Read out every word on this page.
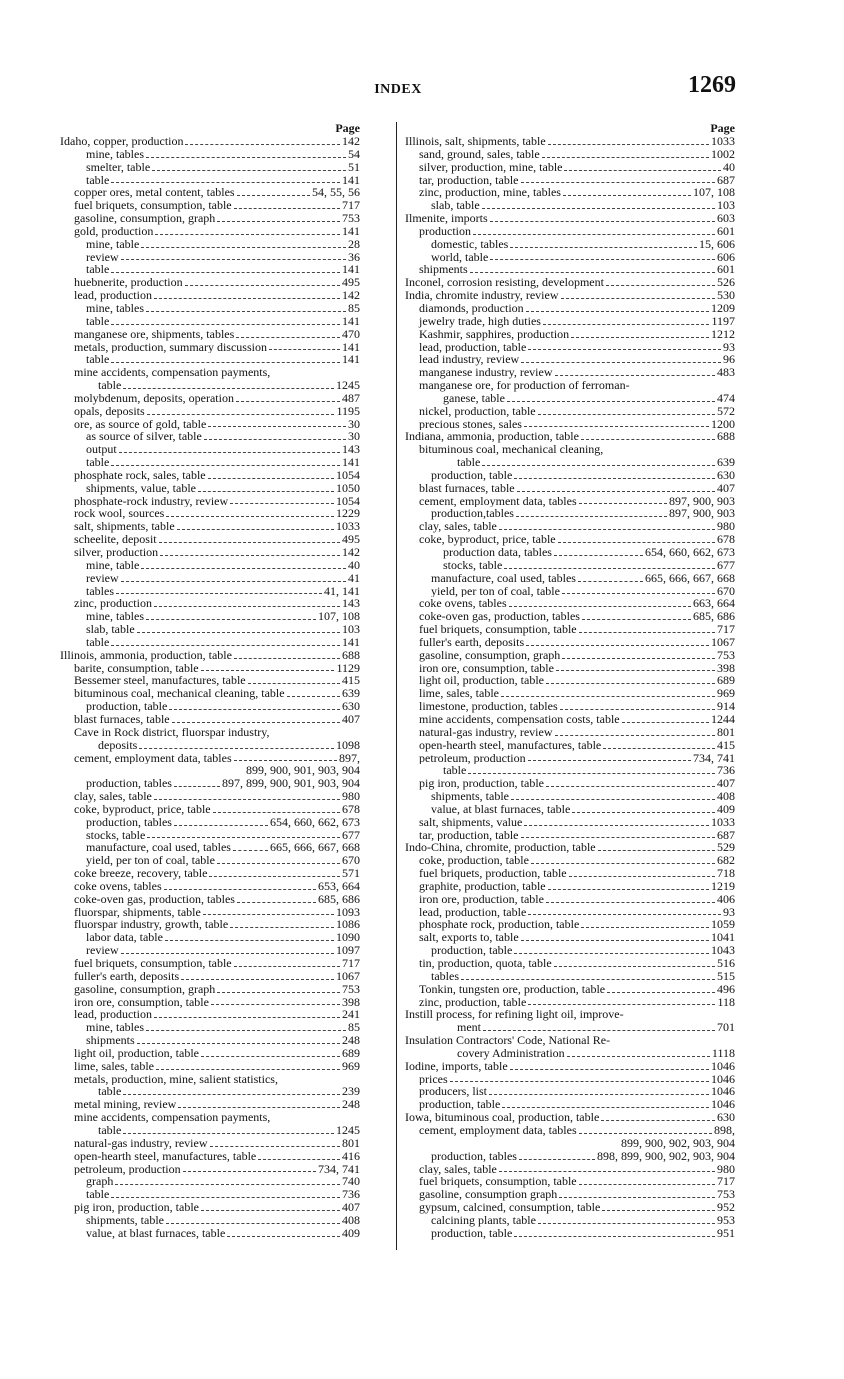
INDEX	1269
Page
Idaho, copper, production	142
mine, tables	54
smelter, table	51
table	141
copper ores, metal content, tables	54, 55, 56
fuel briquets, consumption, table	717
gasoline, consumption, graph	753
gold, production	141
mine, table	28
review	36
table	141
huebnerite, production	495
lead, production	142
mine, tables	85
table	141
manganese ore, shipments, tables	470
metals, production, summary discussion	141
table	141
mine accidents, compensation payments,
table	1245
molybdenum, deposits, operation	487
opals, deposits	1195
ore, as source of gold, table	30
as source of silver, table	30
output	143
table	141
phosphate rock, sales, table	1054
shipments, value, table	1050
phosphate-rock industry, review	1054
rock wool, sources	1229
salt, shipments, table	1033
scheelite, deposit	495
silver, production	142
mine, table	40
review	41
tables	41, 141
zinc, production	143
mine, tables	107, 108
slab, table	103
table	141
Illinois, ammonia, production, table	688
barite, consumption, table	1129
Bessemer steel, manufactures, table	415
bituminous coal, mechanical cleaning, table	639
production, table	630
blast furnaces, table	407
Cave in Rock district, fluorspar industry,
deposits	1098
cement, employment data, tables	897,
899, 900, 901, 903, 904
production, tables	897, 899, 900, 901, 903, 904
clay, sales, table	980
coke, byproduct, price, table	678
production, tables	654, 660, 662, 673
stocks, table	677
manufacture, coal used, tables	665, 666, 667, 668
yield, per ton of coal, table	670
coke breeze, recovery, table	571
coke ovens, tables	653, 664
coke-oven gas, production, tables	685, 686
fluorspar, shipments, table	1093
fluorspar industry, growth, table	1086
labor data, table	1090
review	1097
fuel briquets, consumption, table	717
fuller's earth, deposits	1067
gasoline, consumption, graph	753
iron ore, consumption, table	398
lead, production	241
mine, tables	85
shipments	248
light oil, production, table	689
lime, sales, table	969
metals, production, mine, salient statistics,
table	239
metal mining, review	248
mine accidents, compensation payments,
table	1245
natural-gas industry, review	801
open-hearth steel, manufactures, table	416
petroleum, production	734, 741
graph	740
table	736
pig iron, production, table	407
shipments, table	408
value, at blast furnaces, table	409
Page
Illinois, salt, shipments, table	1033
sand, ground, sales, table	1002
silver, production, mine, table	40
tar, production, table	687
zinc, production, mine, tables	107, 108
slab, table	103
Ilmenite, imports	603
production	601
domestic, tables	15, 606
world, table	606
shipments	601
Inconel, corrosion resisting, development	526
India, chromite industry, review	530
diamonds, production	1209
jewelry trade, high duties	1197
Kashmir, sapphires, production	1212
lead, production, table	93
lead industry, review	96
manganese industry, review	483
manganese ore, for production of ferroman-
ganese, table	474
nickel, production, table	572
precious stones, sales	1200
Indiana, ammonia, production, table	688
bituminous coal, mechanical cleaning,
table	639
production, table	630
blast furnaces, table	407
cement, employment data, tables	897, 900, 903
production,tables	897, 900, 903
clay, sales, table	980
coke, byproduct, price, table	678
production data, tables	654, 660, 662, 673
stocks, table	677
manufacture, coal used, tables	665, 666, 667, 668
yield, per ton of coal, table	670
coke ovens, tables	663, 664
coke-oven gas, production, tables	685, 686
fuel briquets, consumption, table	717
fuller's earth, deposits	1067
gasoline, consumption, graph	753
iron ore, consumption, table	398
light oil, production, table	689
lime, sales, table	969
limestone, production, tables	914
mine accidents, compensation costs, table	1244
natural-gas industry, review	801
open-hearth steel, manufactures, table	415
petroleum, production	734, 741
table	736
pig iron, production, table	407
shipments, table	408
value, at blast furnaces, table	409
salt, shipments, value	1033
tar, production, table	687
Indo-China, chromite, production, table	529
coke, production, table	682
fuel briquets, production, table	718
graphite, production, table	1219
iron ore, production, table	406
lead, production, table	93
phosphate rock, production, table	1059
salt, exports to, table	1041
production, table	1043
tin, production, quota, table	516
tables	515
Tonkin, tungsten ore, production, table	496
zinc, production, table	118
Instill process, for refining light oil, improve-
ment	701
Insulation Contractors' Code, National Re-
covery Administration	1118
Iodine, imports, table	1046
prices	1046
producers, list	1046
production, table	1046
Iowa, bituminous coal, production, table	630
cement, employment data, tables	898,
899, 900, 902, 903, 904
production, tables	898, 899, 900, 902, 903, 904
clay, sales, table	980
fuel briquets, consumption, table	717
gasoline, consumption graph	753
gypsum, calcined, consumption, table	952
calcining plants, table	953
production, table	951
